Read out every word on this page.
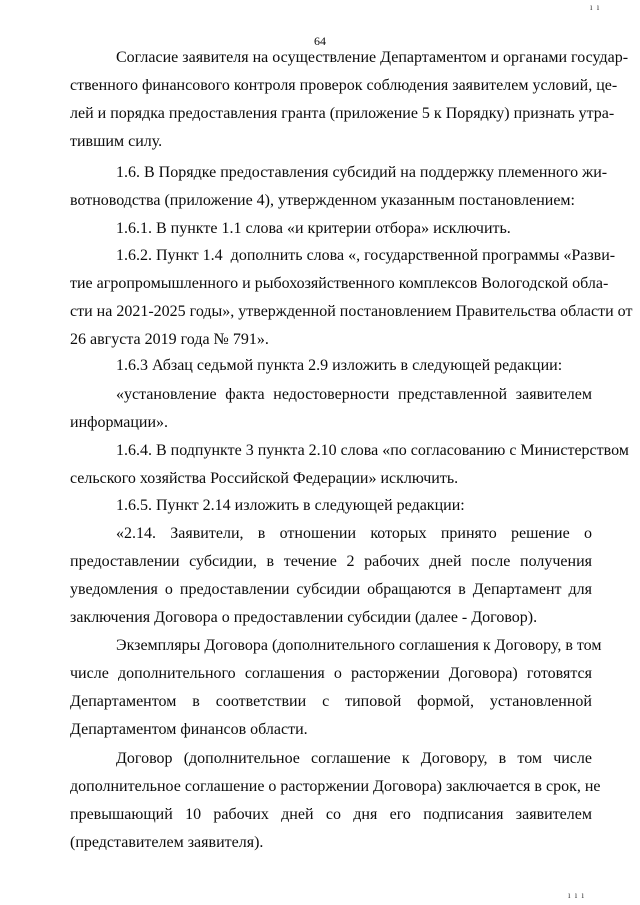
64
Согласие заявителя на осуществление Департаментом и органами государ-
ственного финансового контроля проверок соблюдения заявителем условий, це-
лей и порядка предоставления гранта (приложение 5 к Порядку) признать утра-
тившим силу.
1.6. В Порядке предоставления субсидий на поддержку племенного жи-
вотноводства (приложение 4), утвержденном указанным постановлением:
1.6.1. В пункте 1.1 слова «и критерии отбора» исключить.
1.6.2. Пункт 1.4  дополнить слова «, государственной программы «Разви-
тие агропромышленного и рыбохозяйственного комплексов Вологодской обла-
сти на 2021-2025 годы», утвержденной постановлением Правительства области от
26 августа 2019 года № 791».
1.6.3 Абзац седьмой пункта 2.9 изложить в следующей редакции:
«установление факта недостоверности представленной заявителем
информации».
1.6.4. В подпункте 3 пункта 2.10 слова «по согласованию с Министерством
сельского хозяйства Российской Федерации» исключить.
1.6.5. Пункт 2.14 изложить в следующей редакции:
«2.14. Заявители, в отношении которых принято решение о
предоставлении субсидии, в течение 2 рабочих дней после получения
уведомления о предоставлении субсидии обращаются в Департамент для
заключения Договора о предоставлении субсидии (далее - Договор).
Экземпляры Договора (дополнительного соглашения к Договору, в том
числе дополнительного соглашения о расторжении Договора) готовятся
Департаментом в соответствии с типовой формой, установленной
Департаментом финансов области.
Договор (дополнительное соглашение к Договору, в том числе
дополнительное соглашение о расторжении Договора) заключается в срок, не
превышающий 10 рабочих дней со дня его подписания заявителем
(представителем заявителя).
ı ı
ı ı ı
